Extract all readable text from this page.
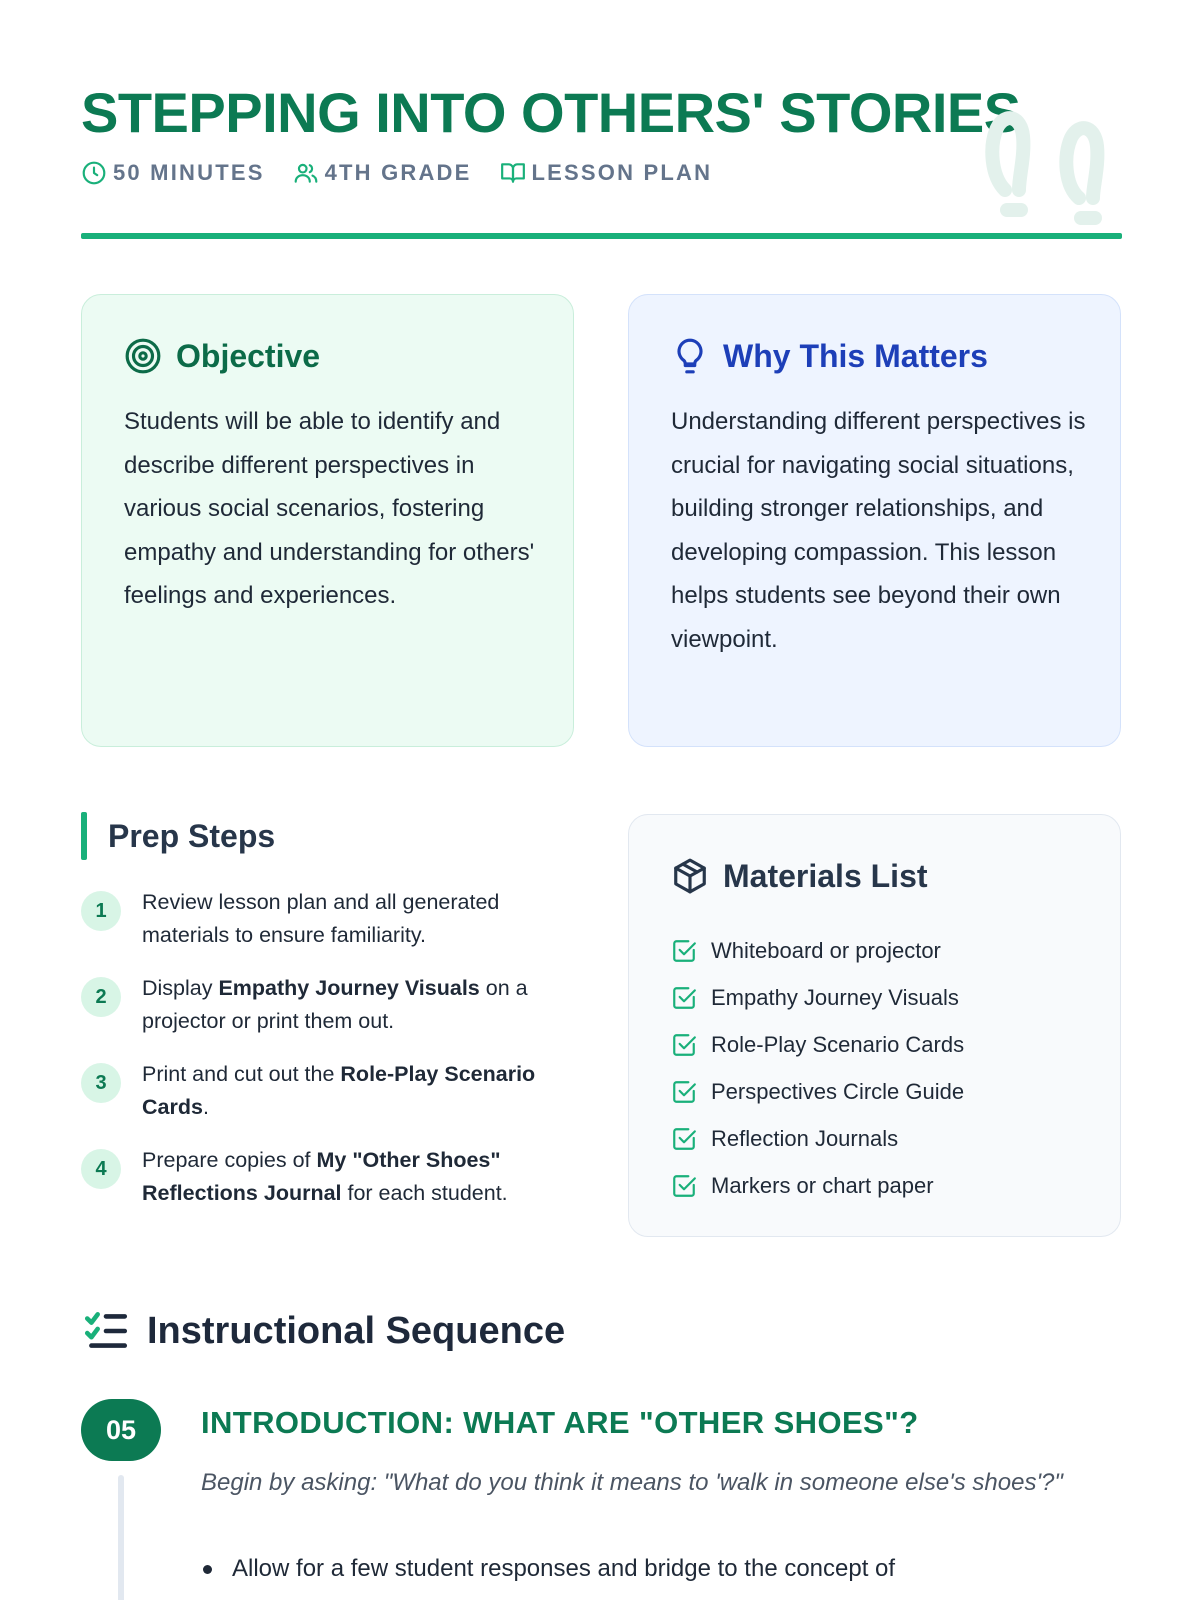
STEPPING INTO OTHERS' STORIES
50 MINUTES	4TH GRADE	LESSON PLAN
Objective

Students will be able to identify and describe different perspectives in various social scenarios, fostering empathy and understanding for others' feelings and experiences.

Why This Matters

Understanding different perspectives is crucial for navigating social situations, building stronger relationships, and developing compassion. This lesson helps students see beyond their own viewpoint.

Prep Steps
1	Review lesson plan and all generated materials to ensure familiarity.
2	Display Empathy Journey Visuals on a projector or print them out.
3	Print and cut out the Role-Play Scenario Cards.
4	Prepare copies of My "Other Shoes" Reflections Journal for each student.
Materials List
Whiteboard or projector
Empathy Journey Visuals
Role-Play Scenario Cards
Perspectives Circle Guide
Reflection Journals
Markers or chart paper
Instructional Sequence
05	INTRODUCTION: WHAT ARE "OTHER SHOES"?

Begin by asking: "What do you think it means to 'walk in someone else's shoes'?"

Allow for a few student responses and bridge to the concept of
